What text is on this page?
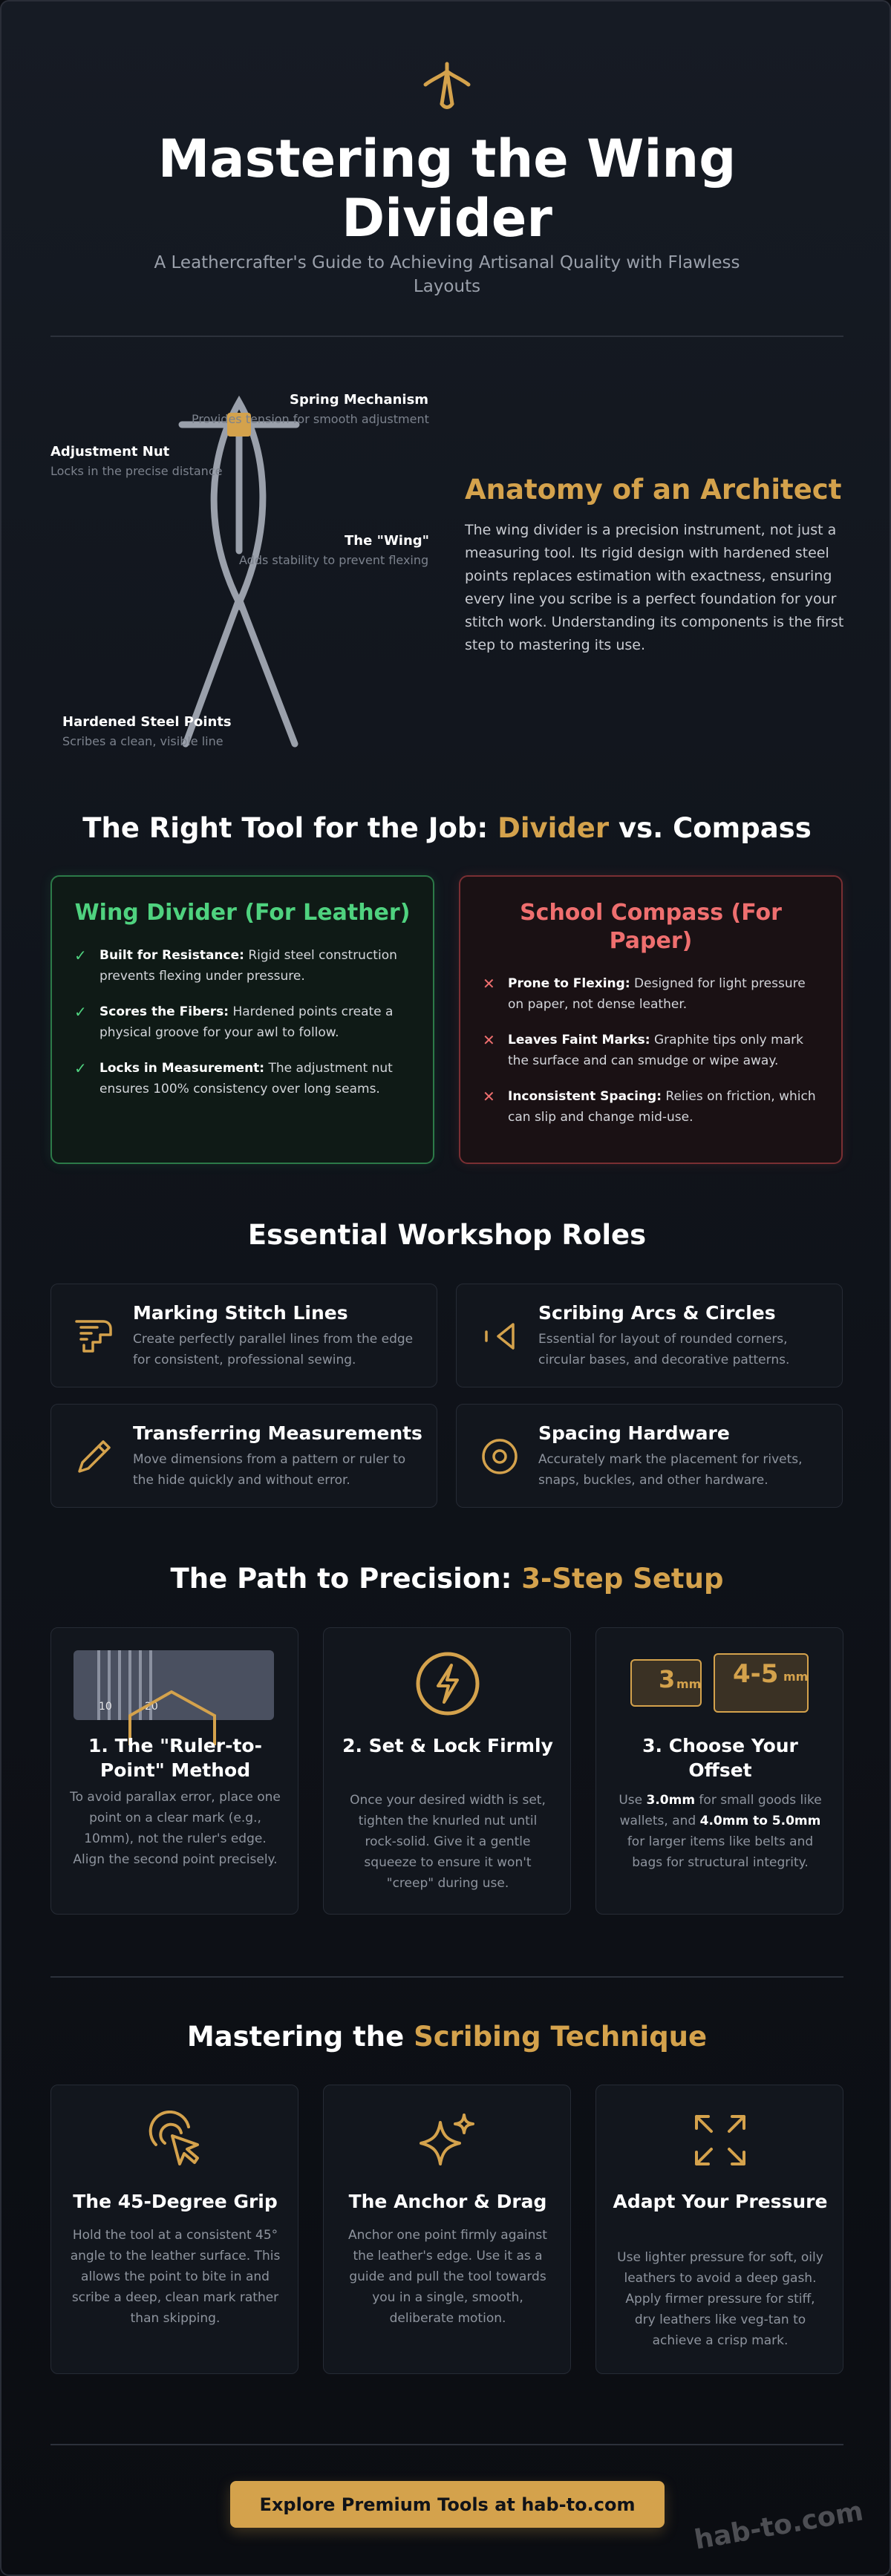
Mastering the Wing Divider
A Leathercrafter's Guide to Achieving Artisanal Quality with Flawless Layouts
Spring Mechanism
Provides tension for smooth adjustment
Adjustment Nut
Locks in the precise distance
The "Wing"
Adds stability to prevent flexing
Hardened Steel Points
Scribes a clean, visible line
Anatomy of an Architect
The wing divider is a precision instrument, not just a measuring tool. Its rigid design with hardened steel points replaces estimation with exactness, ensuring every line you scribe is a perfect foundation for your stitch work. Understanding its components is the first step to mastering its use.
The Right Tool for the Job: Divider vs. Compass
Wing Divider (For Leather)
✓	Built for Resistance: Rigid steel construction prevents flexing under pressure.
✓	Scores the Fibers: Hardened points create a physical groove for your awl to follow.
✓	Locks in Measurement: The adjustment nut ensures 100% consistency over long seams.
School Compass (For Paper)
✕	Prone to Flexing: Designed for light pressure on paper, not dense leather.
✕	Leaves Faint Marks: Graphite tips only mark the surface and can smudge or wipe away.
✕	Inconsistent Spacing: Relies on friction, which can slip and change mid-use.
Essential Workshop Roles
Marking Stitch Lines
Create perfectly parallel lines from the edge for consistent, professional sewing.
Scribing Arcs & Circles
Essential for layout of rounded corners, circular bases, and decorative patterns.
Transferring Measurements
Move dimensions from a pattern or ruler to the hide quickly and without error.
Spacing Hardware
Accurately mark the placement for rivets, snaps, buckles, and other hardware.
The Path to Precision: 3-Step Setup
10	20
1. The "Ruler-to-Point" Method
To avoid parallax error, place one point on a clear mark (e.g., 10mm), not the ruler's edge. Align the second point precisely.
2. Set & Lock Firmly
Once your desired width is set, tighten the knurled nut until rock-solid. Give it a gentle squeeze to ensure it won't "creep" during use.
3 mm 4-5 mm
3. Choose Your Offset
Use 3.0mm for small goods like wallets, and 4.0mm to 5.0mm for larger items like belts and bags for structural integrity.
Mastering the Scribing Technique
The 45-Degree Grip
Hold the tool at a consistent 45° angle to the leather surface. This allows the point to bite in and scribe a deep, clean mark rather than skipping.
The Anchor & Drag
Anchor one point firmly against the leather's edge. Use it as a guide and pull the tool towards you in a single, smooth, deliberate motion.
Adapt Your Pressure
Use lighter pressure for soft, oily leathers to avoid a deep gash. Apply firmer pressure for stiff, dry leathers like veg-tan to achieve a crisp mark.
Explore Premium Tools at hab-to.com	hab-to.com
